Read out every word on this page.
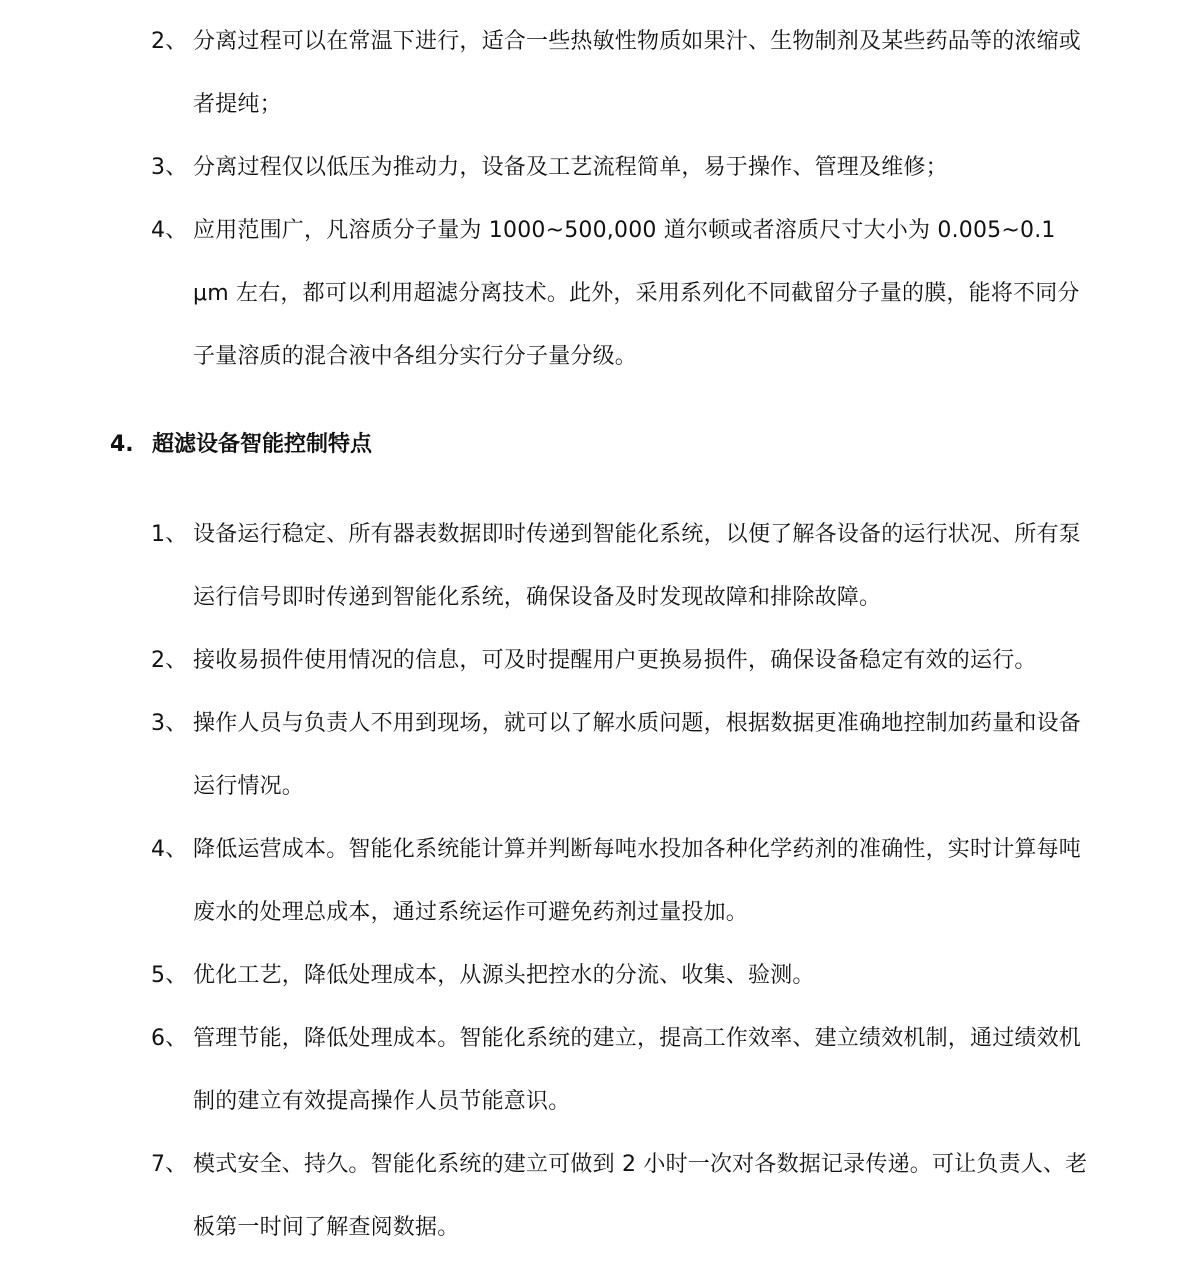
2、 分离过程可以在常温下进行，适合一些热敏性物质如果汁、生物制剂及某些药品等的浓缩或者提纯；
3、 分离过程仅以低压为推动力，设备及工艺流程简单，易于操作、管理及维修；
4、 应用范围广，凡溶质分子量为 1000~500,000 道尔顿或者溶质尺寸大小为 0.005~0.1 μm 左右，都可以利用超滤分离技术。此外，采用系列化不同截留分子量的膜，能将不同分子量溶质的混合液中各组分实行分子量分级。
4. 超滤设备智能控制特点
1、 设备运行稳定、所有器表数据即时传递到智能化系统，以便了解各设备的运行状况、所有泵运行信号即时传递到智能化系统，确保设备及时发现故障和排除故障。
2、 接收易损件使用情况的信息，可及时提醒用户更换易损件，确保设备稳定有效的运行。
3、 操作人员与负责人不用到现场，就可以了解水质问题，根据数据更准确地控制加药量和设备运行情况。
4、 降低运营成本。智能化系统能计算并判断每吨水投加各种化学药剂的准确性，实时计算每吨废水的处理总成本，通过系统运作可避免药剂过量投加。
5、 优化工艺，降低处理成本，从源头把控水的分流、收集、验测。
6、 管理节能，降低处理成本。智能化系统的建立，提高工作效率、建立绩效机制，通过绩效机制的建立有效提高操作人员节能意识。
7、 模式安全、持久。智能化系统的建立可做到 2 小时一次对各数据记录传递。可让负责人、老板第一时间了解查阅数据。
